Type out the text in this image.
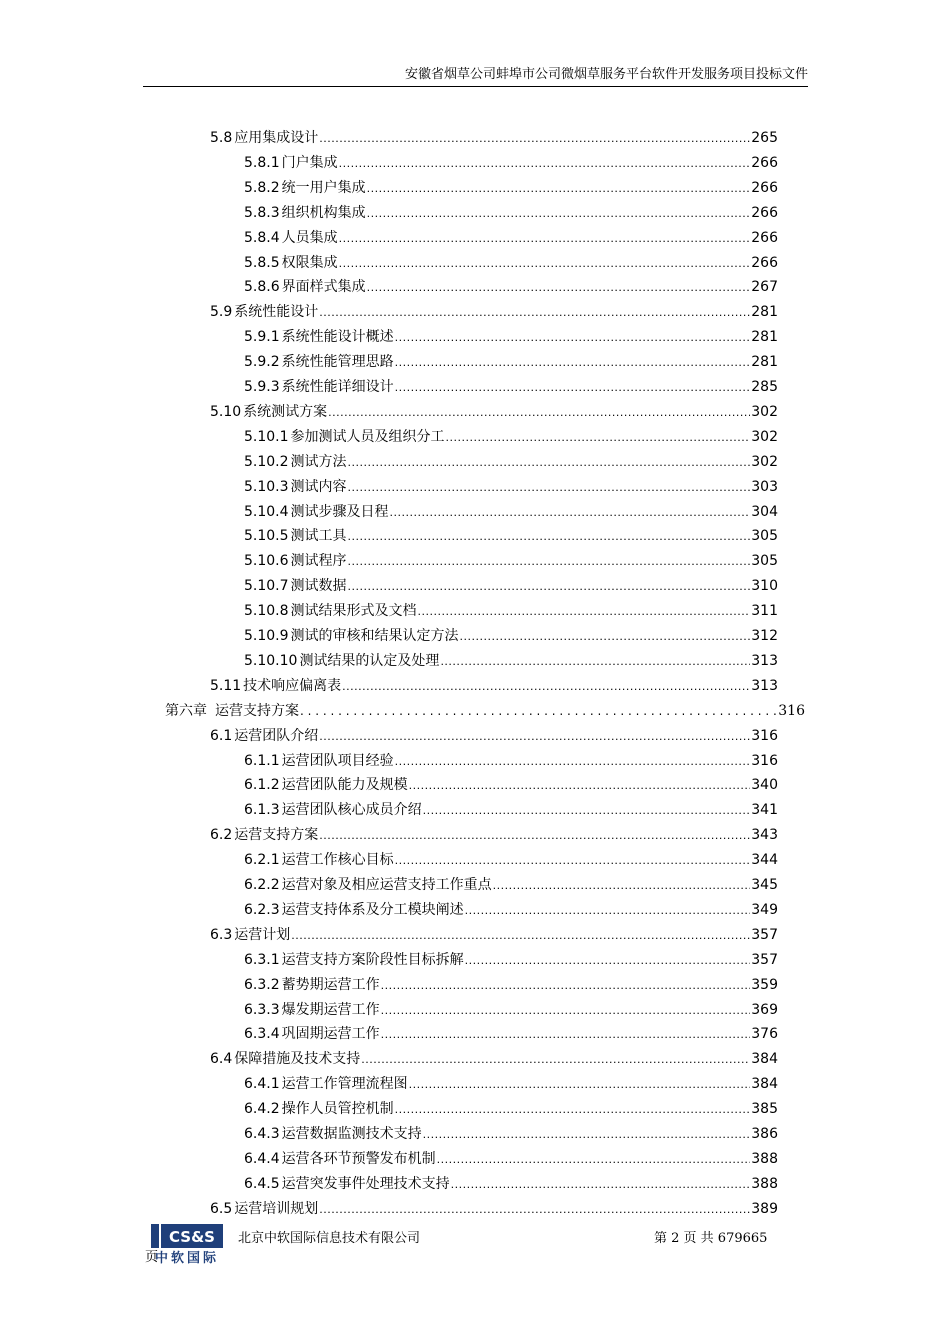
安徽省烟草公司蚌埠市公司微烟草服务平台软件开发服务项目投标文件
5.8 应用集成设计 .....	265
5.8.1 门户集成 .....	266
5.8.2 统一用户集成 .....	266
5.8.3 组织机构集成 .....	266
5.8.4 人员集成 .....	266
5.8.5 权限集成 .....	266
5.8.6 界面样式集成 .....	267
5.9 系统性能设计 .....	281
5.9.1 系统性能设计概述 .....	281
5.9.2 系统性能管理思路 .....	281
5.9.3 系统性能详细设计 .....	285
5.10 系统测试方案 .....	302
5.10.1 参加测试人员及组织分工 .....	302
5.10.2 测试方法 .....	302
5.10.3 测试内容 .....	303
5.10.4 测试步骤及日程 .....	304
5.10.5 测试工具 .....	305
5.10.6 测试程序 .....	305
5.10.7 测试数据 .....	310
5.10.8 测试结果形式及文档 .....	311
5.10.9 测试的审核和结果认定方法 .....	312
5.10.10 测试结果的认定及处理 .....	313
5.11 技术响应偏离表 .....	313
第六章 运营支持方案 . . .	316
6.1 运营团队介绍 .....	316
6.1.1 运营团队项目经验 .....	316
6.1.2 运营团队能力及规模 .....	340
6.1.3 运营团队核心成员介绍 .....	341
6.2 运营支持方案 .....	343
6.2.1 运营工作核心目标 .....	344
6.2.2 运营对象及相应运营支持工作重点 .....	345
6.2.3 运营支持体系及分工模块阐述 .....	349
6.3 运营计划 .....	357
6.3.1 运营支持方案阶段性目标拆解 .....	357
6.3.2 蓄势期运营工作 .....	359
6.3.3 爆发期运营工作 .....	369
6.3.4 巩固期运营工作 .....	376
6.4 保障措施及技术支持 .....	384
6.4.1 运营工作管理流程图 .....	384
6.4.2 操作人员管控机制 .....	385
6.4.3 运营数据监测技术支持 .....	386
6.4.4 运营各环节预警发布机制 .....	388
6.4.5 运营突发事件处理技术支持 .....	388
6.5 运营培训规划 .....	389
CS&S
中软国际
北京中软国际信息技术有限公司	第 2 页 共 679665
页
